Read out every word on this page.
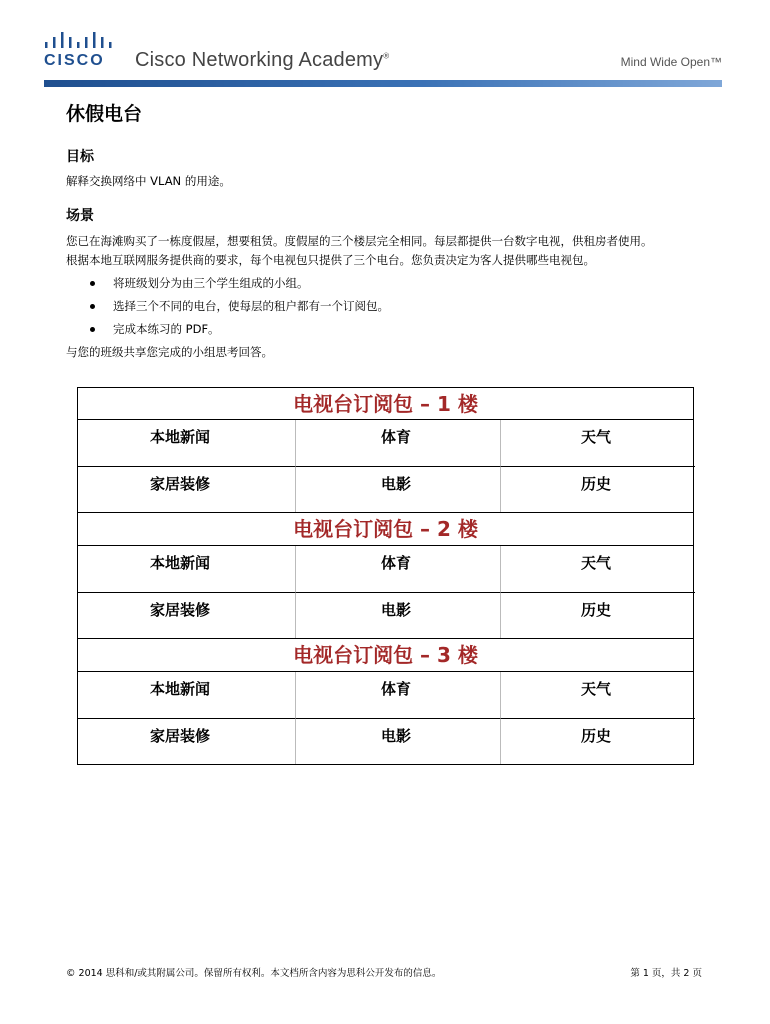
CISCO Cisco Networking Academy®	Mind Wide Open™
休假电台
目标
解释交换网络中 VLAN 的用途。
场景
您已在海滩购买了一栋度假屋，想要租赁。度假屋的三个楼层完全相同。每层都提供一台数字电视，供租房者使用。
根据本地互联网服务提供商的要求，每个电视包只提供了三个电台。您负责决定为客人提供哪些电视包。
将班级划分为由三个学生组成的小组。
选择三个不同的电台，使每层的租户都有一个订阅包。
完成本练习的 PDF。
与您的班级共享您完成的小组思考回答。
电视台订阅包 – 1 楼
本地新闻	体育	天气
家居装修	电影	历史
电视台订阅包 – 2 楼
本地新闻	体育	天气
家居装修	电影	历史
电视台订阅包 – 3 楼
本地新闻	体育	天气
家居装修	电影	历史
© 2014 思科和/或其附属公司。保留所有权利。本文档所含内容为思科公开发布的信息。	第 1 页，共 2 页
